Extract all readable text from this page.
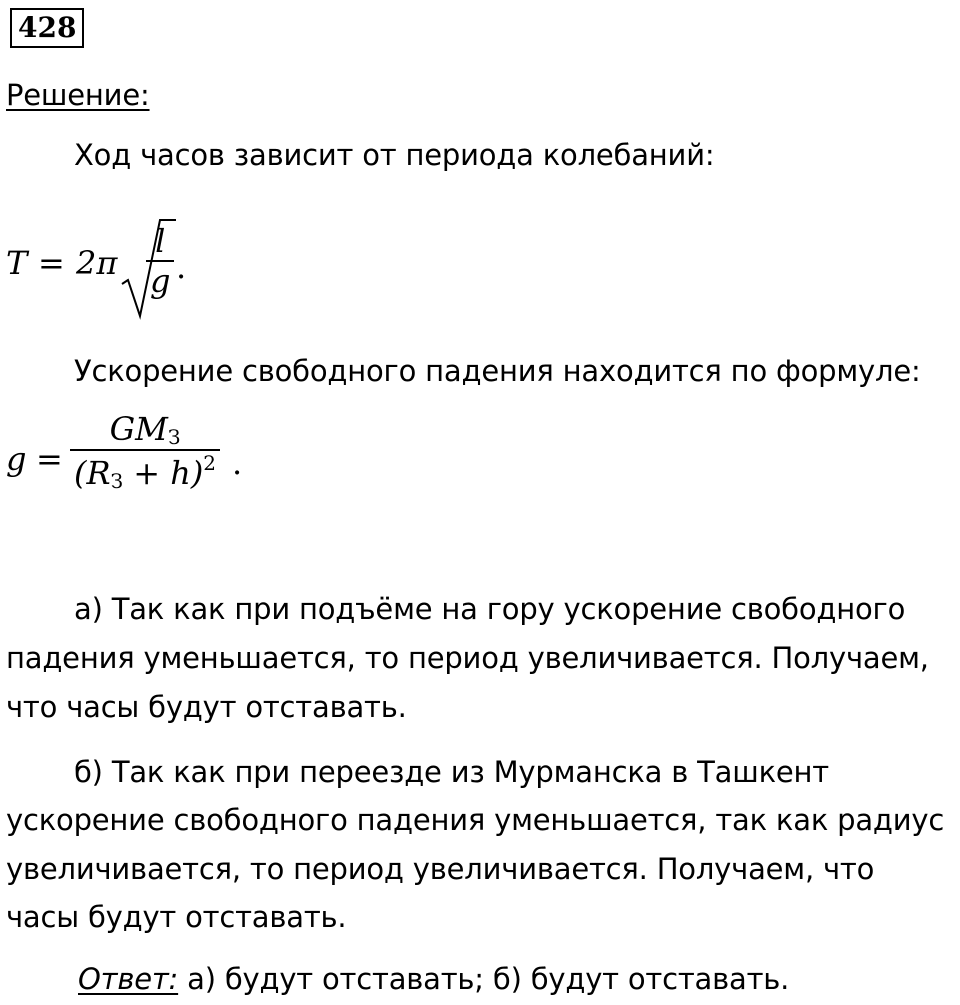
428
Решение:
Ход часов зависит от периода колебаний:
$T = 2\pi \frac{l}{g}$ .
Ускорение свободного падения находится по формуле:
g =
$GM_З$
$(R_З + h)^2$ .
а) Так как при подъёме на гору ускорение свободного
падения уменьшается, то период увеличивается. Получаем,
что часы будут отставать.
б) Так как при переезде из Мурманска в Ташкент
ускорение свободного падения уменьшается, так как радиус
увеличивается, то период увеличивается. Получаем, что
часы будут отставать.
Ответ: а) будут отставать; б) будут отставать.
